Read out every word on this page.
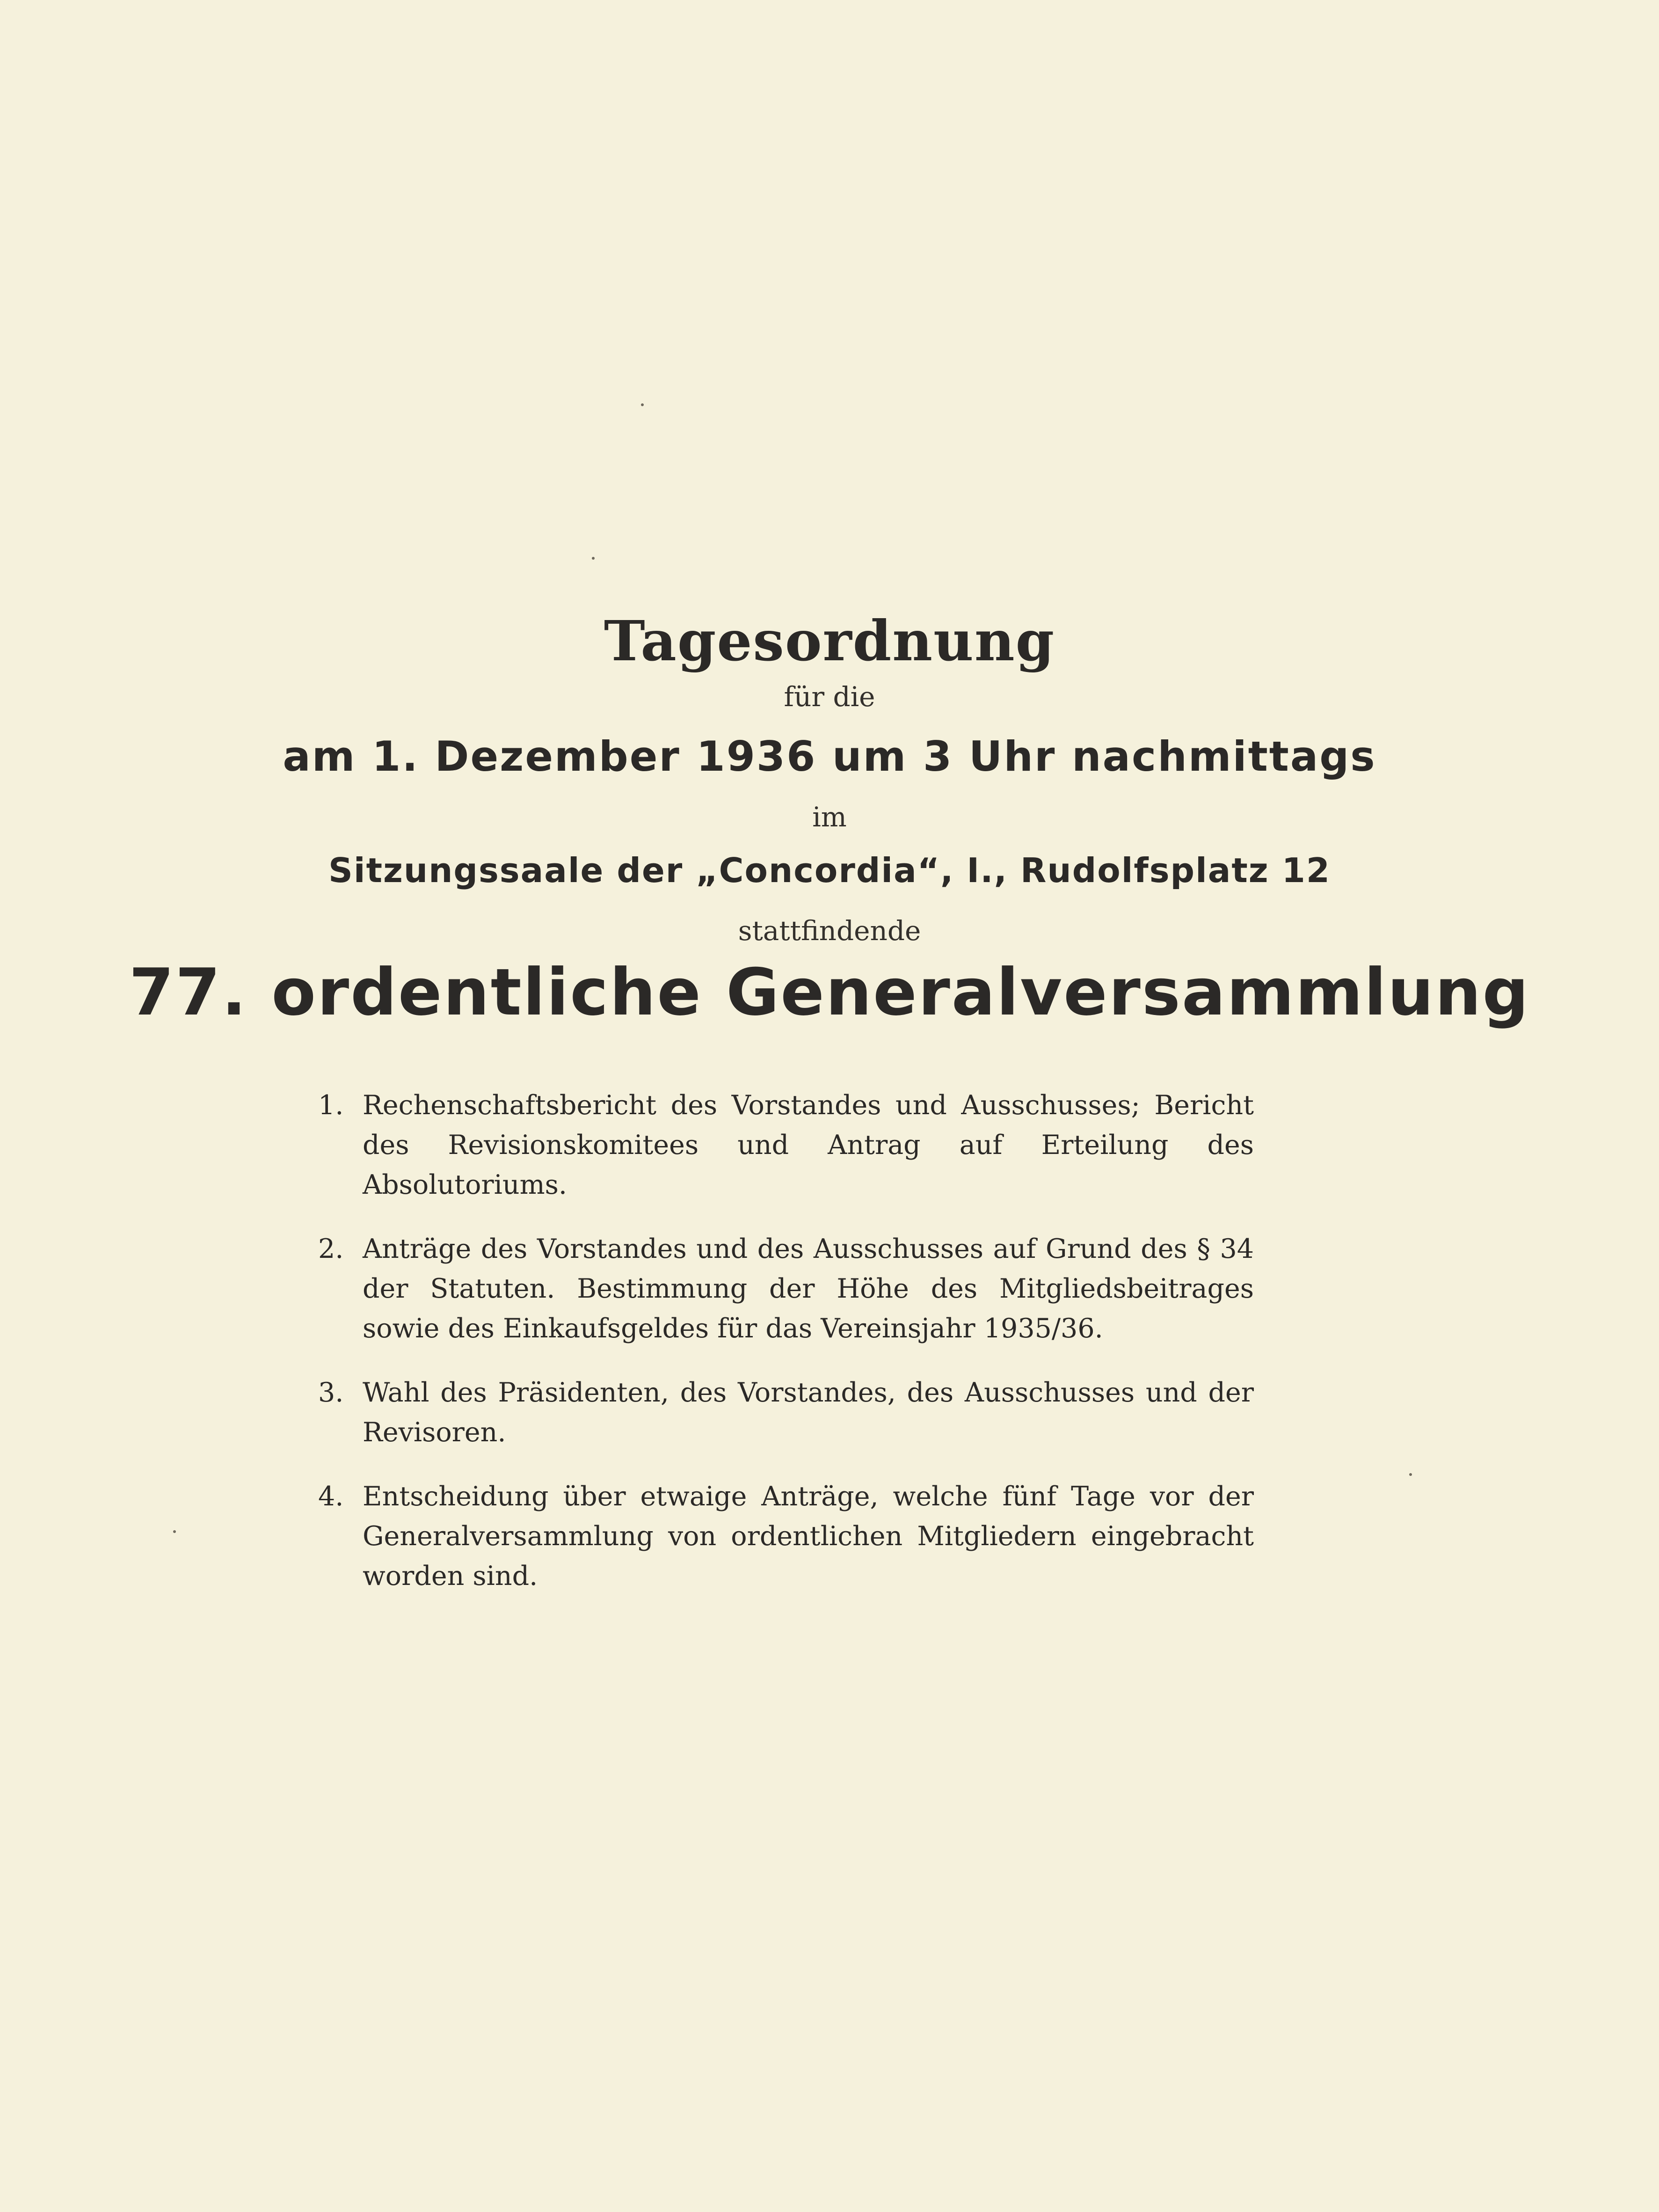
Tagesordnung
für die
am 1. Dezember 1936 um 3 Uhr nachmittags
im
Sitzungssaale der „Concordia“, I., Rudolfsplatz 12
stattfindende
77. ordentliche Generalversammlung
1. Rechenschaftsbericht des Vorstandes und Ausschusses; Bericht des Revisionskomitees und Antrag auf Erteilung des Absolutoriums.
2. Anträge des Vorstandes und des Ausschusses auf Grund des § 34 der Statuten. Bestimmung der Höhe des Mitgliedsbeitrages sowie des Einkaufsgeldes für das Vereinsjahr 1935/36.
3. Wahl des Präsidenten, des Vorstandes, des Ausschusses und der Revisoren.
4. Entscheidung über etwaige Anträge, welche fünf Tage vor der Generalversammlung von ordentlichen Mitgliedern eingebracht worden sind.
